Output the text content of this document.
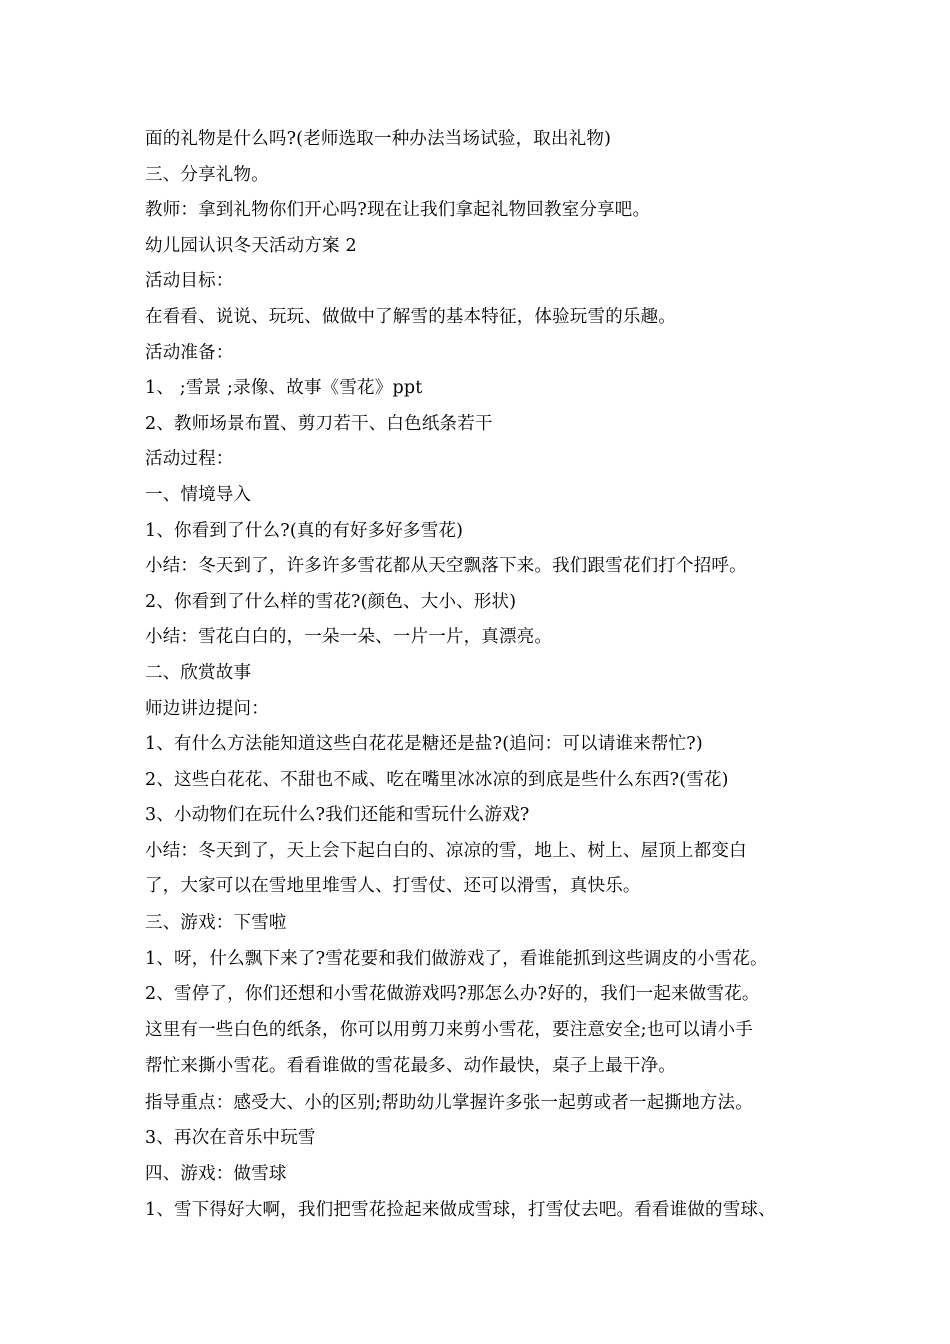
面的礼物是什么吗?(老师选取一种办法当场试验，取出礼物)
三、分享礼物。
教师：拿到礼物你们开心吗?现在让我们拿起礼物回教室分享吧。
幼儿园认识冬天活动方案 2
活动目标：
在看看、说说、玩玩、做做中了解雪的基本特征，体验玩雪的乐趣。
活动准备：
1、 ;雪景 ;录像、故事《雪花》ppt
2、教师场景布置、剪刀若干、白色纸条若干
活动过程：
一、情境导入
1、你看到了什么?(真的有好多好多雪花)
小结：冬天到了，许多许多雪花都从天空飘落下来。我们跟雪花们打个招呼。
2、你看到了什么样的雪花?(颜色、大小、形状)
小结：雪花白白的，一朵一朵、一片一片，真漂亮。
二、欣赏故事
师边讲边提问：
1、有什么方法能知道这些白花花是糖还是盐?(追问：可以请谁来帮忙?)
2、这些白花花、不甜也不咸、吃在嘴里冰冰凉的到底是些什么东西?(雪花)
3、小动物们在玩什么?我们还能和雪玩什么游戏?
小结：冬天到了，天上会下起白白的、凉凉的雪，地上、树上、屋顶上都变白
了，大家可以在雪地里堆雪人、打雪仗、还可以滑雪，真快乐。
三、游戏：下雪啦
1、呀，什么飘下来了?雪花要和我们做游戏了，看谁能抓到这些调皮的小雪花。
2、雪停了，你们还想和小雪花做游戏吗?那怎么办?好的，我们一起来做雪花。
这里有一些白色的纸条，你可以用剪刀来剪小雪花，要注意安全;也可以请小手
帮忙来撕小雪花。看看谁做的雪花最多、动作最快，桌子上最干净。
指导重点：感受大、小的区别;帮助幼儿掌握许多张一起剪或者一起撕地方法。
3、再次在音乐中玩雪
四、游戏：做雪球
1、雪下得好大啊，我们把雪花捡起来做成雪球，打雪仗去吧。看看谁做的雪球、
